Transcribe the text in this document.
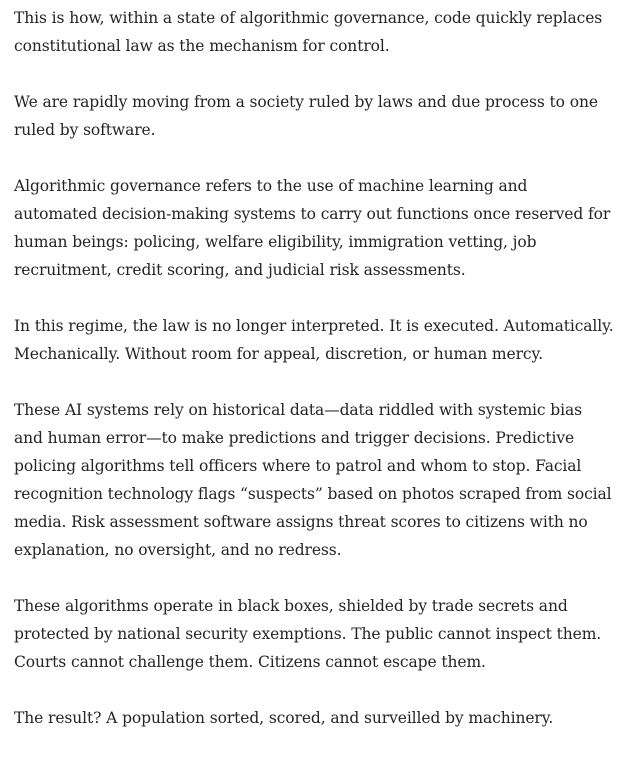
This is how, within a state of algorithmic governance, code quickly replaces constitutional law as the mechanism for control.

We are rapidly moving from a society ruled by laws and due process to one ruled by software.

Algorithmic governance refers to the use of machine learning and automated decision-making systems to carry out functions once reserved for human beings: policing, welfare eligibility, immigration vetting, job recruitment, credit scoring, and judicial risk assessments.

In this regime, the law is no longer interpreted. It is executed. Automatically. Mechanically. Without room for appeal, discretion, or human mercy.

These AI systems rely on historical data—data riddled with systemic bias and human error—to make predictions and trigger decisions. Predictive policing algorithms tell officers where to patrol and whom to stop. Facial recognition technology flags “suspects” based on photos scraped from social media. Risk assessment software assigns threat scores to citizens with no explanation, no oversight, and no redress.

These algorithms operate in black boxes, shielded by trade secrets and protected by national security exemptions. The public cannot inspect them. Courts cannot challenge them. Citizens cannot escape them.

The result? A population sorted, scored, and surveilled by machinery.
